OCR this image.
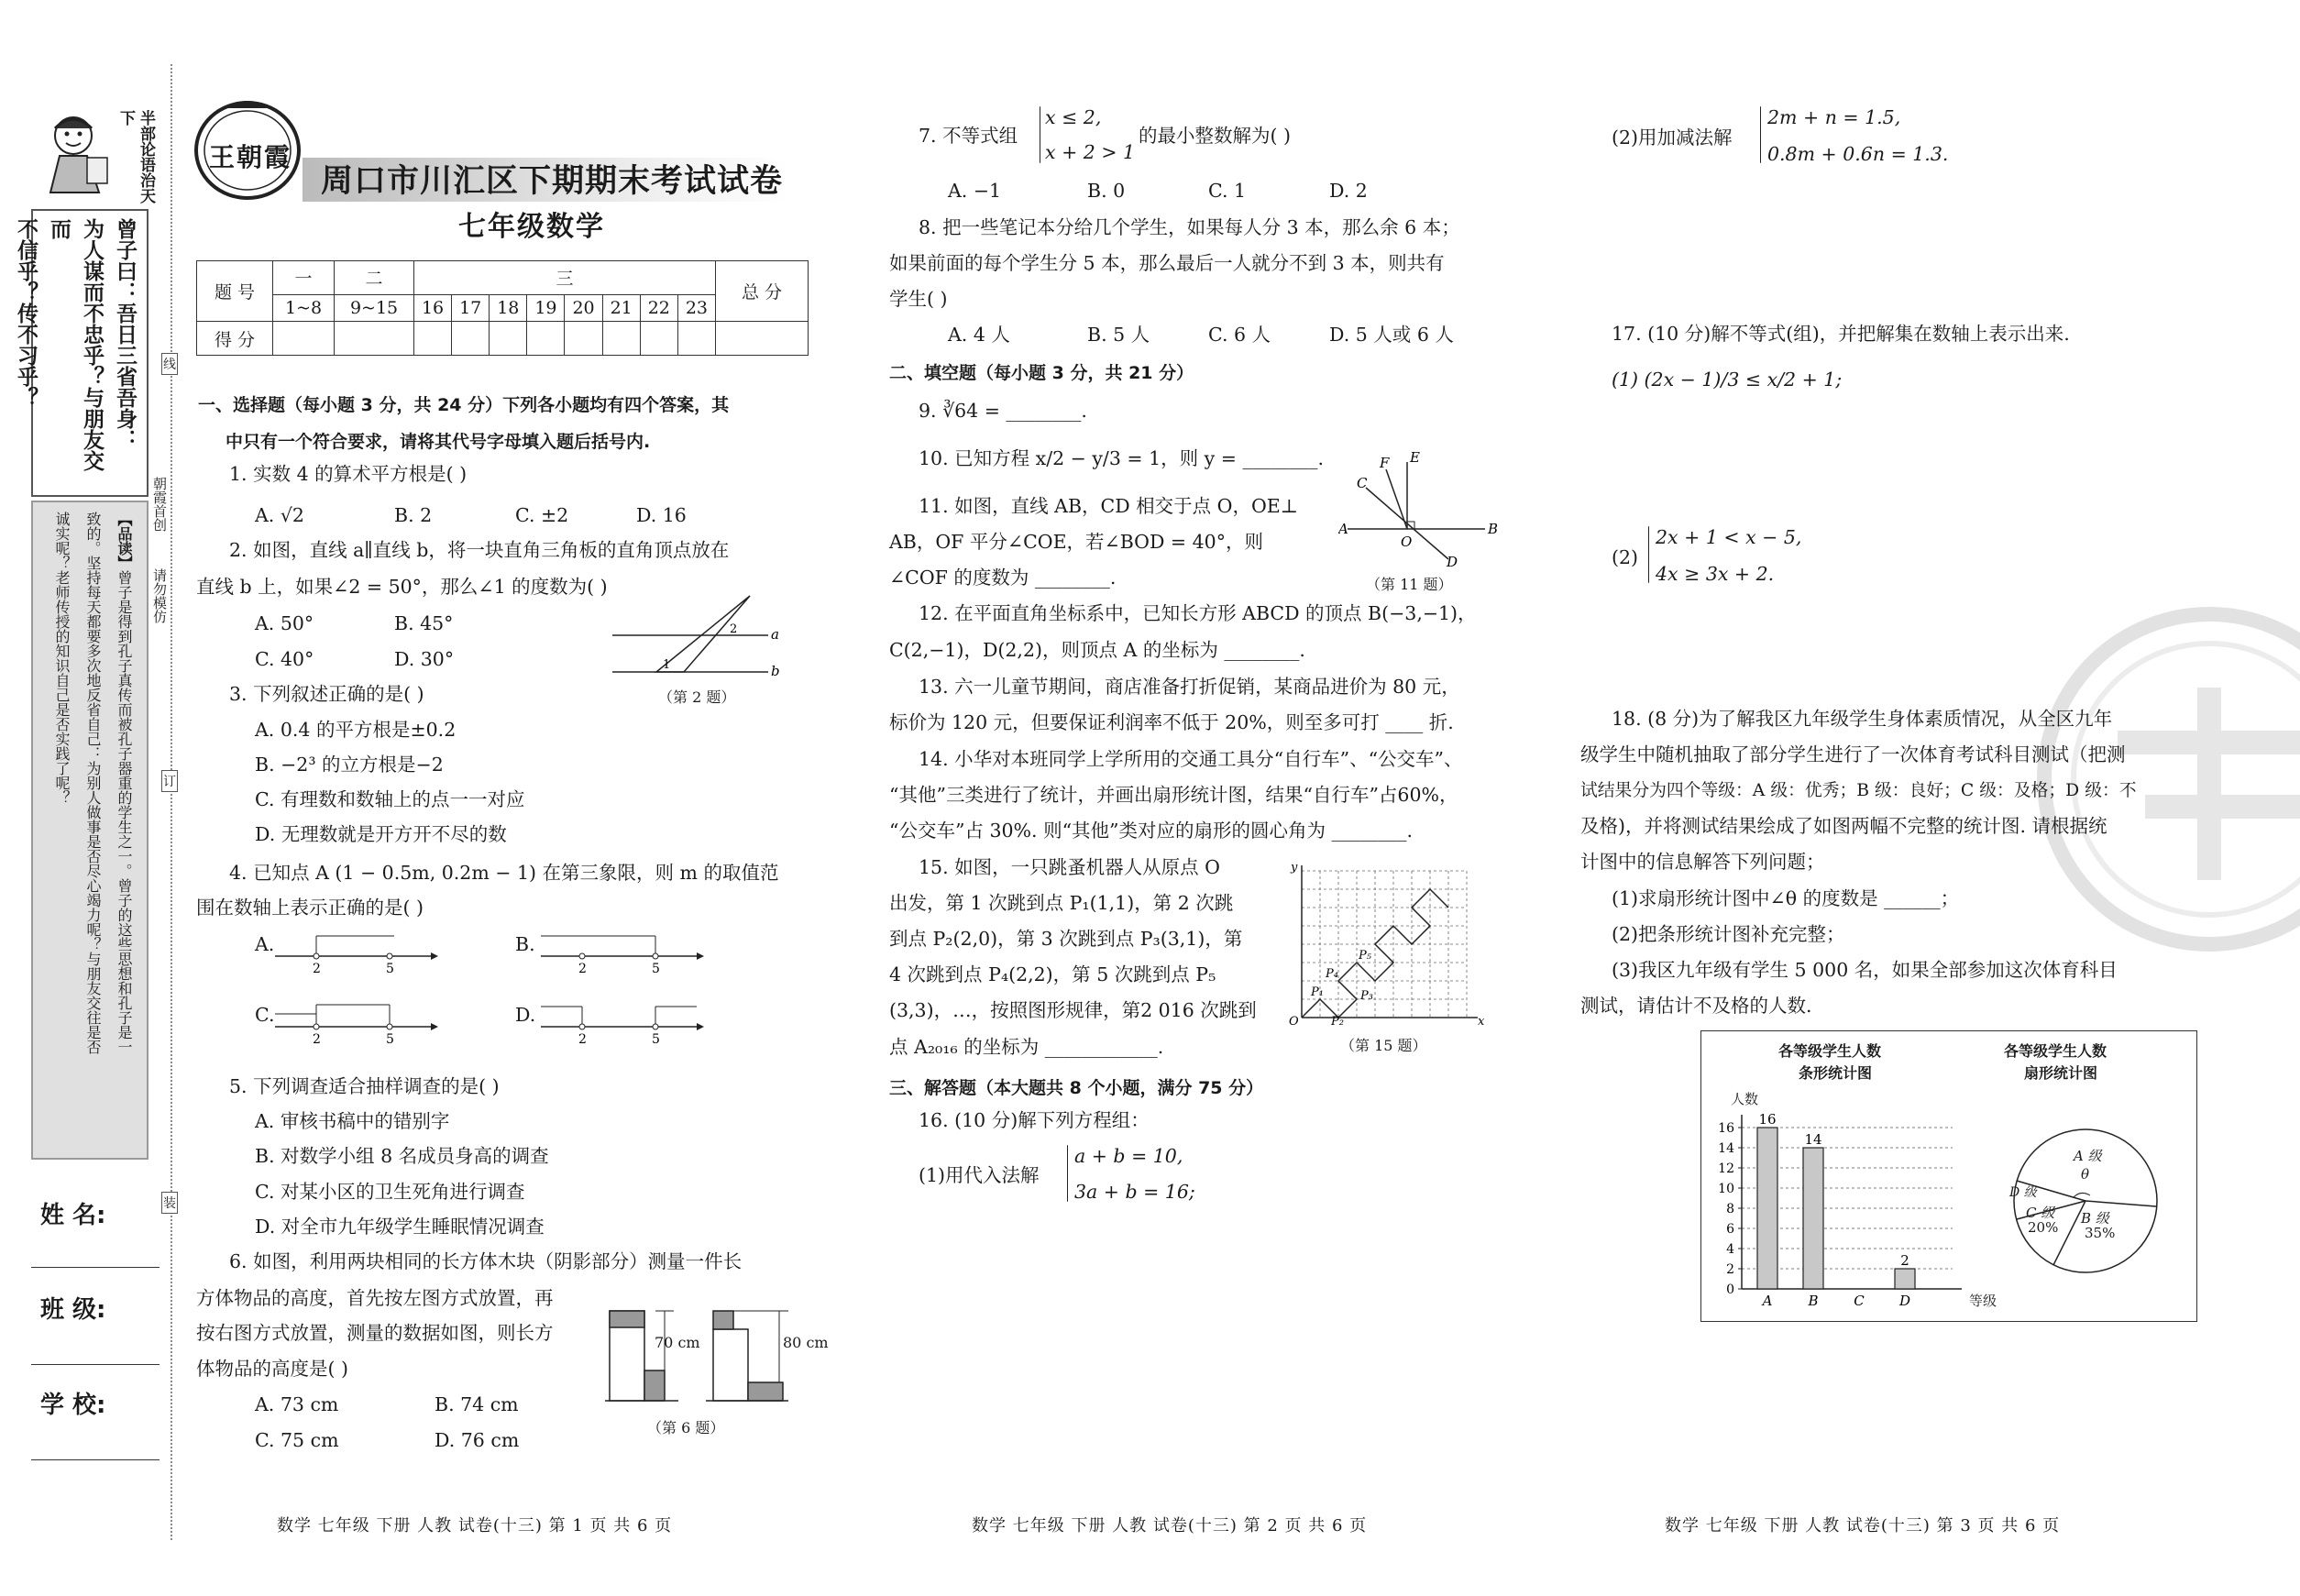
半部论语治天下
曾子曰：吾日三省吾身：
为人谋而不忠乎？与朋友交而
不信乎？传不习乎？
【品读】曾子是得到孔子真传而被孔子器重的学生之一。曾子的这些思想和孔子是一
致的。坚持每天都要多次地反省自己：为别人做事是否尽心竭力呢？与朋友交往是否
诚实呢？老师传授的知识自己是否实践了呢？
姓 名:
班 级:
学 校:
朝霞首创
请勿模仿
线
订
装
王朝霞
周口市川汇区下期期末考试试卷
七年级数学
题 号	一	二	三								总 分
	1~8	9~15	16	17	18	19	20	21	22	23	
得 分											
一、选择题（每小题 3 分，共 24 分）下列各小题均有四个答案，其
中只有一个符合要求，请将其代号字母填入题后括号内.
1. 实数 4 的算术平方根是( )
A. √2	B. 2	C. ±2	D. 16
2. 如图，直线 a∥直线 b，将一块直角三角板的直角顶点放在
直线 b 上，如果∠2 = 50°，那么∠1 的度数为( )
A. 50°	B. 45°
C. 40°	D. 30°
a
b
2
1
（第 2 题）
3. 下列叙述正确的是( )
A. 0.4 的平方根是±0.2
B. −2³ 的立方根是−2
C. 有理数和数轴上的点一一对应
D. 无理数就是开方开不尽的数
4. 已知点 A (1 − 0.5m, 0.2m − 1) 在第三象限，则 m 的取值范
围在数轴上表示正确的是( )
A.
2	5
B.
2	5
C.
2	5
D.
2	5
5. 下列调查适合抽样调查的是( )
A. 审核书稿中的错别字
B. 对数学小组 8 名成员身高的调查
C. 对某小区的卫生死角进行调查
D. 对全市九年级学生睡眠情况调查
6. 如图，利用两块相同的长方体木块（阴影部分）测量一件长
方体物品的高度，首先按左图方式放置，再
按右图方式放置，测量的数据如图，则长方
体物品的高度是( )
A. 73 cm	B. 74 cm
C. 75 cm	D. 76 cm
70 cm	80 cm
（第 6 题）
数学 七年级 下册 人教 试卷(十三) 第 1 页 共 6 页
7. 不等式组
x ≤ 2,
x + 2 > 1
的最小整数解为( )
A. −1	B. 0	C. 1	D. 2
8. 把一些笔记本分给几个学生，如果每人分 3 本，那么余 6 本；
如果前面的每个学生分 5 本，那么最后一人就分不到 3 本，则共有
学生( )
A. 4 人	B. 5 人	C. 6 人	D. 5 人或 6 人
二、填空题（每小题 3 分，共 21 分）
9. ∛64 = ________.
10. 已知方程 x/2 − y/3 = 1，则 y = ________.
11. 如图，直线 AB，CD 相交于点 O，OE⊥
AB，OF 平分∠COE，若∠BOD = 40°，则
∠COF 的度数为 ________.
A	B
C
D
E
F
O
（第 11 题）
12. 在平面直角坐标系中，已知长方形 ABCD 的顶点 B(−3,−1)，
C(2,−1)，D(2,2)，则顶点 A 的坐标为 ________.
13. 六一儿童节期间，商店准备打折促销，某商品进价为 80 元，
标价为 120 元，但要保证利润率不低于 20%，则至多可打 ____ 折.
14. 小华对本班同学上学所用的交通工具分“自行车”、“公交车”、
“其他”三类进行了统计，并画出扇形统计图，结果“自行车”占60%，
“公交车”占 30%. 则“其他”类对应的扇形的圆心角为 ________.
15. 如图，一只跳蚤机器人从原点 O
出发，第 1 次跳到点 P₁(1,1)，第 2 次跳
到点 P₂(2,0)，第 3 次跳到点 P₃(3,1)，第
4 次跳到点 P₄(2,2)，第 5 次跳到点 P₅
(3,3)，…，按照图形规律，第2 016 次跳到
点 A₂₀₁₆ 的坐标为 ____________.
O	x
y
P₁
P₂
P₃
P₄
P₅
（第 15 题）
三、解答题（本大题共 8 个小题，满分 75 分）
16. (10 分)解下列方程组：
(1)用代入法解
a + b = 10,
3a + b = 16;
数学 七年级 下册 人教 试卷(十三) 第 2 页 共 6 页
(2)用加减法解
2m + n = 1.5,
0.8m + 0.6n = 1.3.
17. (10 分)解不等式(组)，并把解集在数轴上表示出来.
(1) (2x − 1)/3 ≤ x/2 + 1;
(2)
2x + 1 < x − 5,
4x ≥ 3x + 2.
18. (8 分)为了解我区九年级学生身体素质情况，从全区九年
级学生中随机抽取了部分学生进行了一次体育考试科目测试（把测
试结果分为四个等级：A 级：优秀；B 级：良好；C 级：及格；D 级：不
及格)，并将测试结果绘成了如图两幅不完整的统计图. 请根据统
计图中的信息解答下列问题；
(1)求扇形统计图中∠θ 的度数是 ______；
(2)把条形统计图补充完整；
(3)我区九年级有学生 5 000 名，如果全部参加这次体育科目
测试，请估计不及格的人数.
各等级学生人数
条形统计图
各等级学生人数
扇形统计图
人数
等级
0
2
4
6
8
10
12
14
16
16
A
14
B	C
2
D
A 级
θ
D 级
C 级
20%
B 级
35%
数学 七年级 下册 人教 试卷(十三) 第 3 页 共 6 页
